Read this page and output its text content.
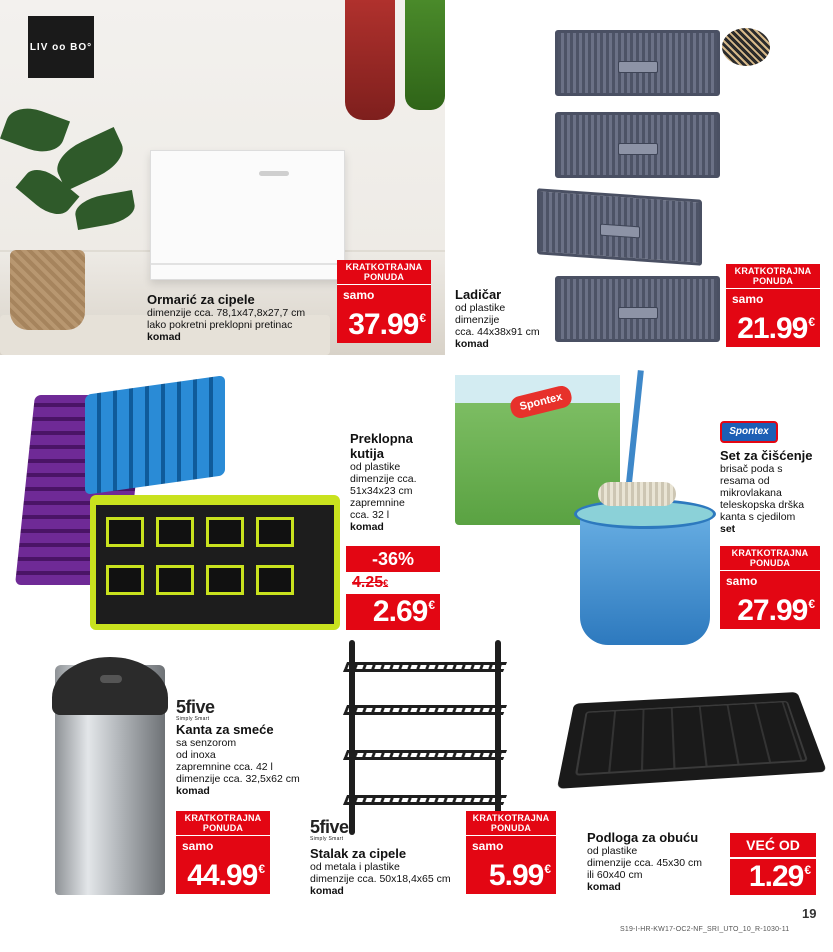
LIV ᴏᴏ BO°
Spontex
Ormarić za cipele
dimenzije cca. 78,1x47,8x27,7 cm
lako pokretni preklopni pretinac
komad
KRATKOTRAJNA
PONUDA
samo
37.99€
Ladičar
od plastike
dimenzije
cca. 44x38x91 cm
komad
KRATKOTRAJNA
PONUDA
samo
21.99€
Preklopna
kutija
od plastike
dimenzije cca.
51x34x23 cm
zapremnine
cca. 32 l
komad
-36%
4.25€
2.69€
Spontex
Set za čišćenje
brisač poda s
resama od
mikrovlakana
teleskopska drška
kanta s cjedilom
set
KRATKOTRAJNA
PONUDA
samo
27.99€
5five
Simply Smart
Kanta za smeće
sa senzorom
od inoxa
zapremnine cca. 42 l
dimenzije cca. 32,5x62 cm
komad
KRATKOTRAJNA
PONUDA
samo
44.99€
5five
Simply Smart
Stalak za cipele
od metala i plastike
dimenzije cca. 50x18,4x65 cm
komad
KRATKOTRAJNA
PONUDA
samo
5.99€
Podloga za obuću
od plastike
dimenzije cca. 45x30 cm
ili 60x40 cm
komad
VEĆ OD
1.29€
19
S19-I-HR-KW17-OC2-NF_SRI_UTO_10_R-1030-11
